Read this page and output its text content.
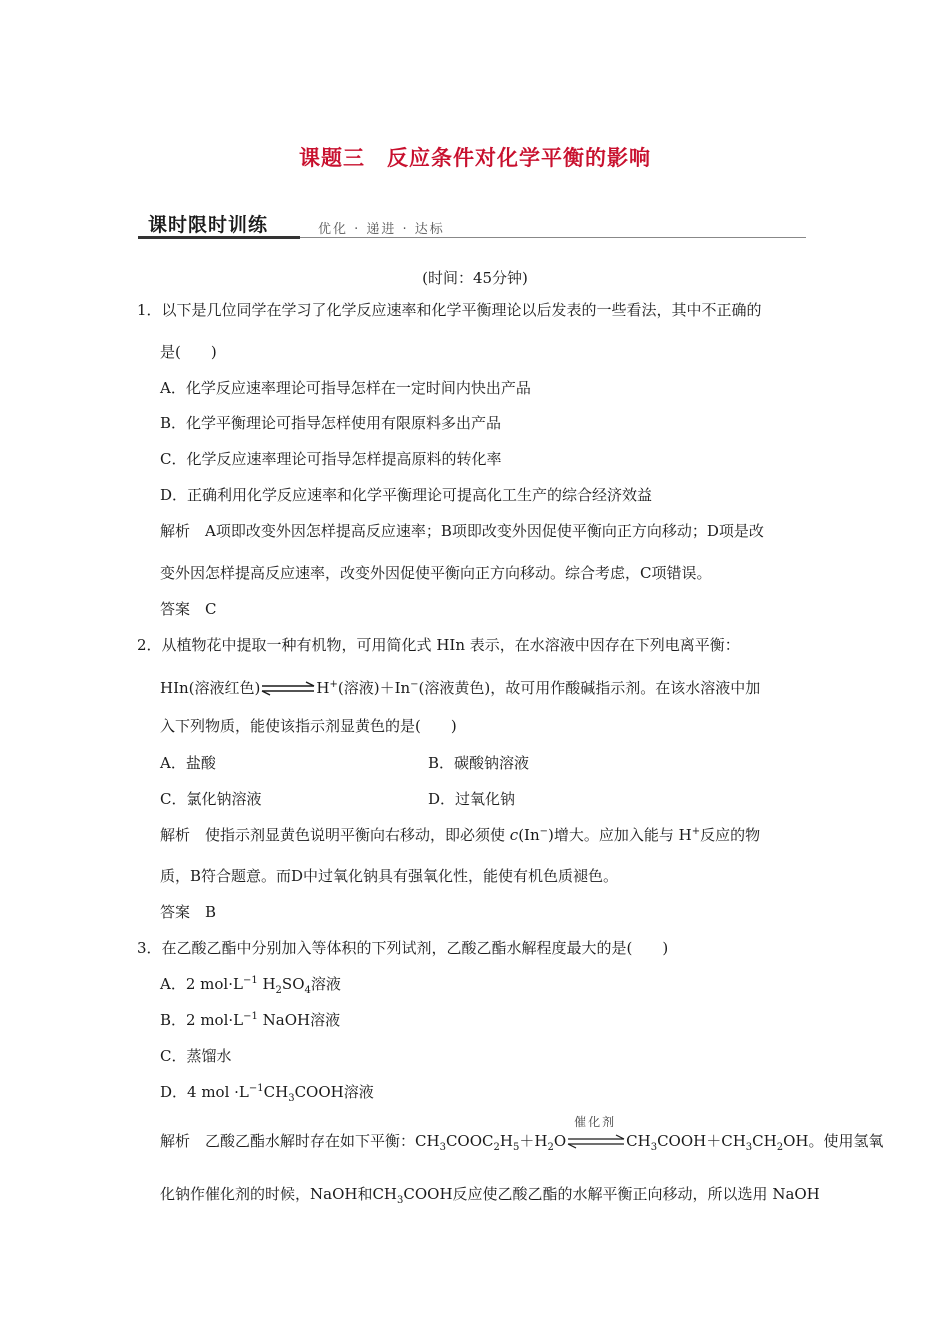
课题三　反应条件对化学平衡的影响
课时限时训练	优化 · 递进 · 达标
(时间：45分钟)
1．以下是几位同学在学习了化学反应速率和化学平衡理论以后发表的一些看法，其中不正确的
是(　　)
A．化学反应速率理论可指导怎样在一定时间内快出产品
B．化学平衡理论可指导怎样使用有限原料多出产品
C．化学反应速率理论可指导怎样提高原料的转化率
D．正确利用化学反应速率和化学平衡理论可提高化工生产的综合经济效益
解析　A项即改变外因怎样提高反应速率；B项即改变外因促使平衡向正方向移动；D项是改
变外因怎样提高反应速率，改变外因促使平衡向正方向移动。综合考虑，C项错误。
答案　C
2．从植物花中提取一种有机物，可用简化式 HIn 表示，在水溶液中因存在下列电离平衡：
HIn(溶液红色)⇌H+(溶液)＋In−(溶液黄色)，故可用作酸碱指示剂。在该水溶液中加
入下列物质，能使该指示剂显黄色的是(　　)
A．盐酸	B．碳酸钠溶液
C．氯化钠溶液	D．过氧化钠
解析　使指示剂显黄色说明平衡向右移动，即必须使 c(In−)增大。应加入能与 H+反应的物
质，B符合题意。而D中过氧化钠具有强氧化性，能使有机色质褪色。
答案　B
3．在乙酸乙酯中分别加入等体积的下列试剂，乙酸乙酯水解程度最大的是(　　)
A．2 $mol\cdot L^{-1}$ $H_2SO_4$溶液
B．2 $mol\cdot L^{-1}$ NaOH溶液
C．蒸馏水
D．4 mol $\cdot L^{-1}CH_3COOH$溶液
解析　乙酸乙酯水解时存在如下平衡：$CH_3COOC_2H_5+H_2O$
催化剂
$CH_3COOH+CH_3CH_2OH$。使用氢氧
化钠作催化剂的时候，NaOH和$CH_3COOH$反应使乙酸乙酯的水解平衡正向移动，所以选用 NaOH
